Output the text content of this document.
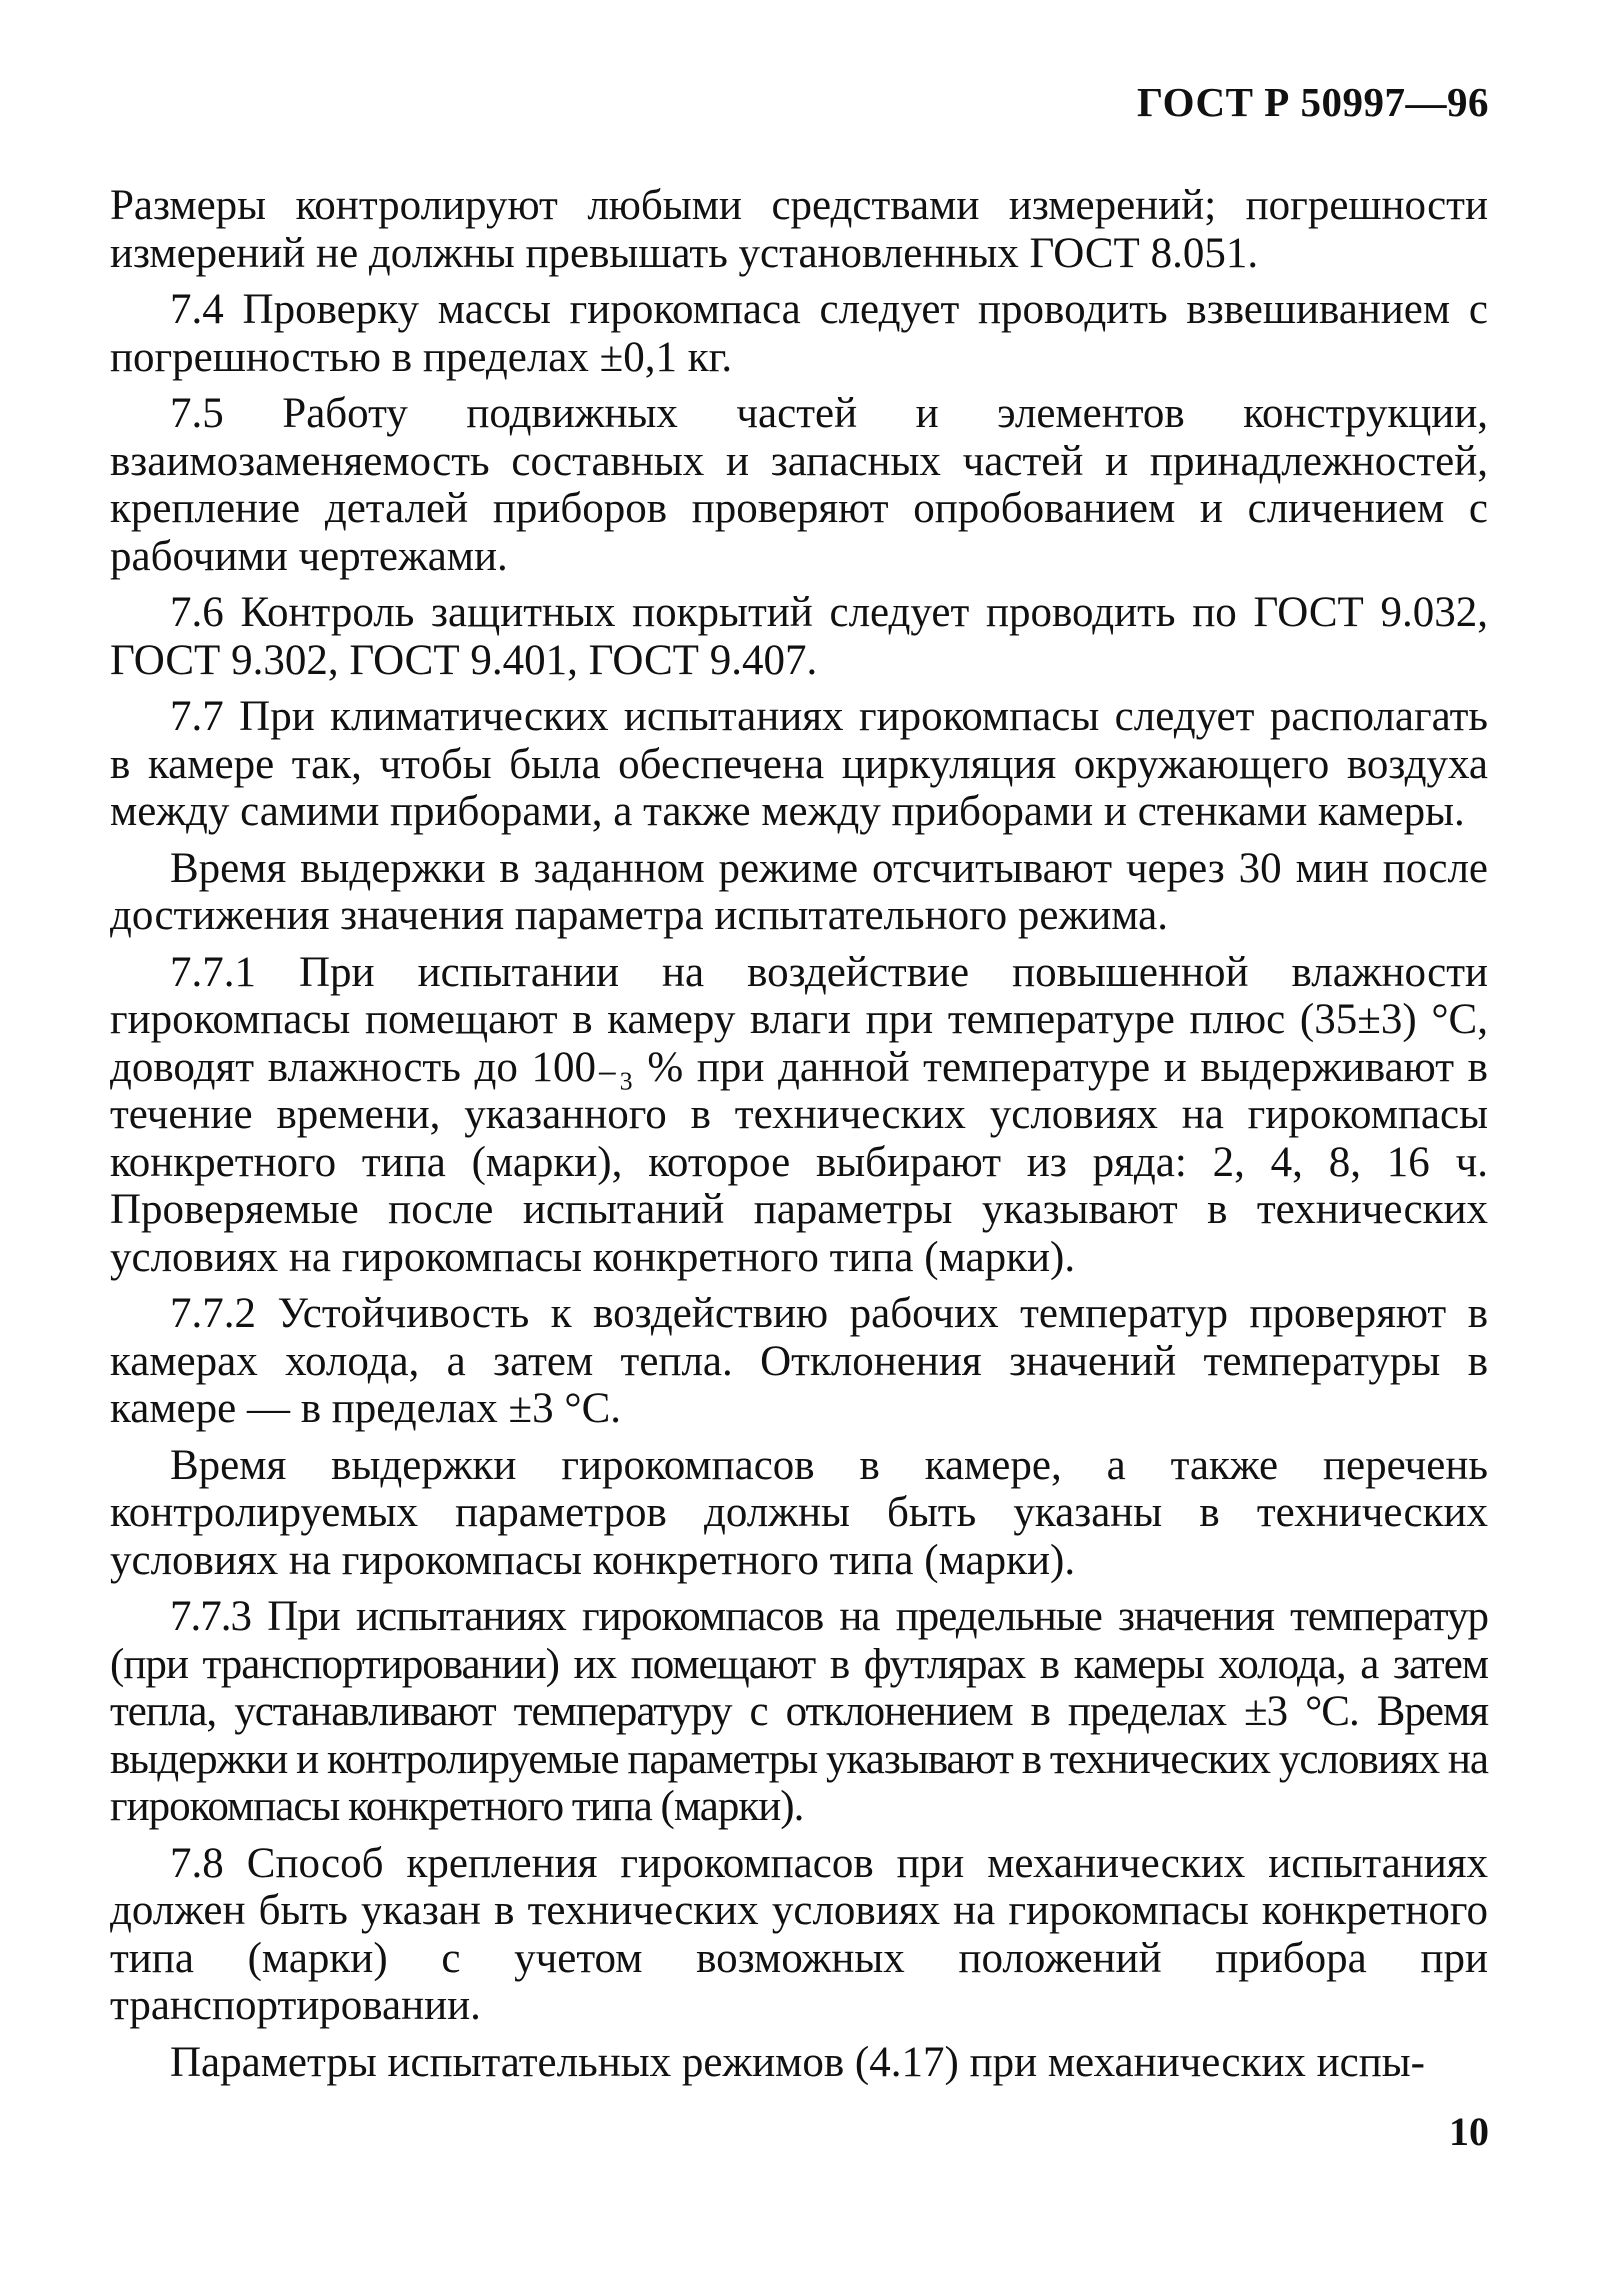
ГОСТ Р 50997—96

Размеры контролируют любыми средствами измерений; погрешности измерений не должны превышать установленных ГОСТ 8.051.

7.4 Проверку массы гирокомпаса следует проводить взвешиванием с погрешностью в пределах ±0,1 кг.

7.5 Работу подвижных частей и элементов конструкции, взаимозаменяемость составных и запасных частей и принадлежностей, крепление деталей приборов проверяют опробованием и сличением с рабочими чертежами.

7.6 Контроль защитных покрытий следует проводить по ГОСТ 9.032, ГОСТ 9.302, ГОСТ 9.401, ГОСТ 9.407.

7.7 При климатических испытаниях гирокомпасы следует располагать в камере так, чтобы была обеспечена циркуляция окружающего воздуха между самими приборами, а также между приборами и стенками камеры.

Время выдержки в заданном режиме отсчитывают через 30 мин после достижения значения параметра испытательного режима.

7.7.1 При испытании на воздействие повышенной влажности гирокомпасы помещают в камеру влаги при температуре плюс (35±3) °С, доводят влажность до 100₋₃ % при данной температуре и выдерживают в течение времени, указанного в технических условиях на гирокомпасы конкретного типа (марки), которое выбирают из ряда: 2, 4, 8, 16 ч. Проверяемые после испытаний параметры указывают в технических условиях на гирокомпасы конкретного типа (марки).

7.7.2 Устойчивость к воздействию рабочих температур проверяют в камерах холода, а затем тепла. Отклонения значений температуры в камере — в пределах ±3 °С.

Время выдержки гирокомпасов в камере, а также перечень контролируемых параметров должны быть указаны в технических условиях на гирокомпасы конкретного типа (марки).

7.7.3 При испытаниях гирокомпасов на предельные значения температур (при транспортировании) их помещают в футлярах в камеры холода, а затем тепла, устанавливают температуру с отклонением в пределах ±3 °С. Время выдержки и контролируемые параметры указывают в технических условиях на гирокомпасы конкретного типа (марки).

7.8 Способ крепления гирокомпасов при механических испытаниях должен быть указан в технических условиях на гирокомпасы конкретного типа (марки) с учетом возможных положений прибора при транспортировании.

Параметры испытательных режимов (4.17) при механических испы-

10
